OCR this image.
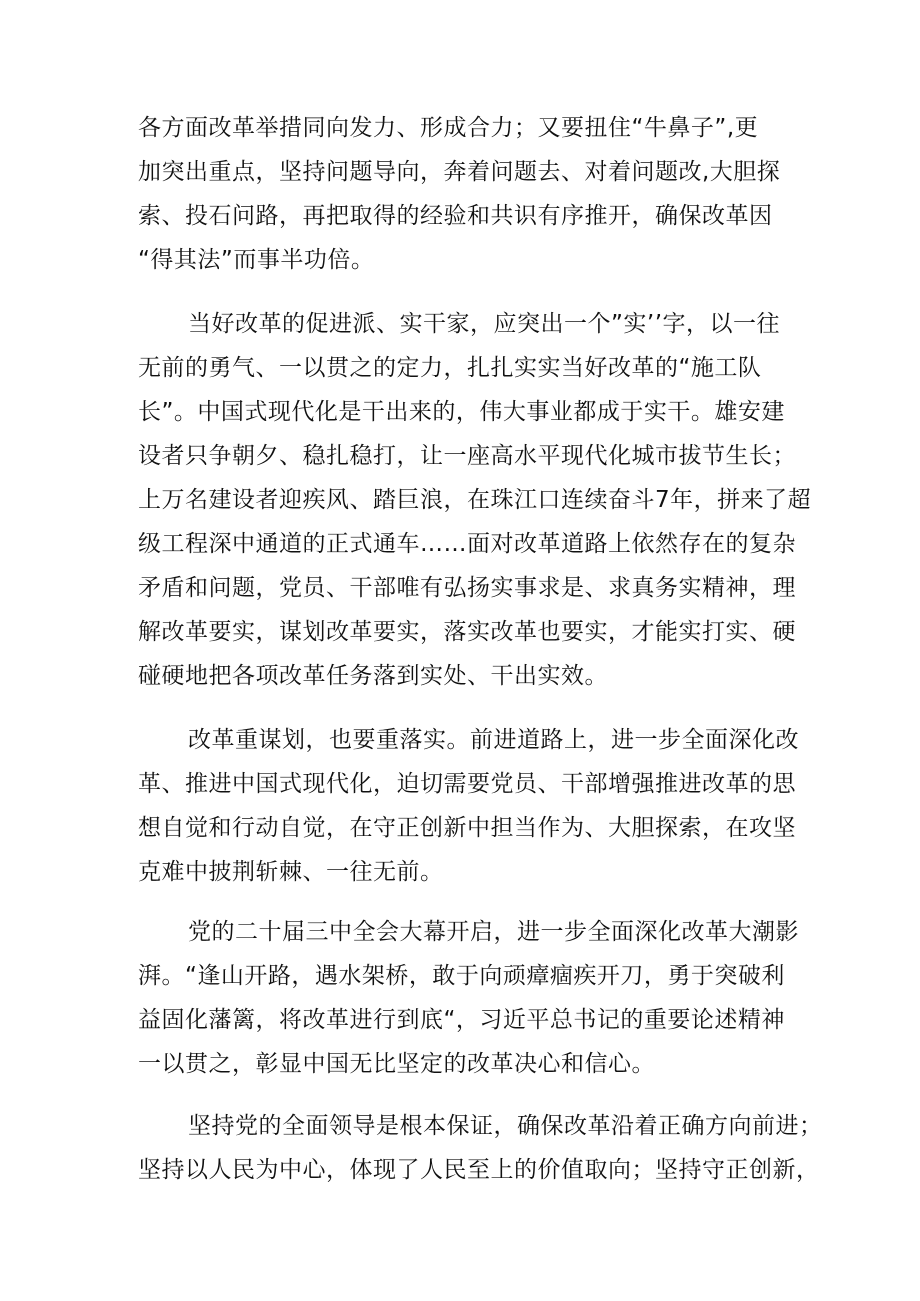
各方面改革举措同向发力、形成合力；又要扭住“牛鼻子”,更
加突出重点，坚持问题导向，奔着问题去、对着问题改,大胆探
索、投石问路，再把取得的经验和共识有序推开，确保改革因
“得其法”而事半功倍。
当好改革的促进派、实干家，应突出一个”实’’字，以一往
无前的勇气、一以贯之的定力，扎扎实实当好改革的“施工队
长”。中国式现代化是干出来的，伟大事业都成于实干。雄安建
设者只争朝夕、稳扎稳打，让一座高水平现代化城市拔节生长；
上万名建设者迎疾风、踏巨浪，在珠江口连续奋斗7年，拼来了超
级工程深中通道的正式通车……面对改革道路上依然存在的复杂
矛盾和问题，党员、干部唯有弘扬实事求是、求真务实精神，理
解改革要实，谋划改革要实，落实改革也要实，才能实打实、硬
碰硬地把各项改革任务落到实处、干出实效。
改革重谋划，也要重落实。前进道路上，进一步全面深化改
革、推进中国式现代化，迫切需要党员、干部增强推进改革的思
想自觉和行动自觉，在守正创新中担当作为、大胆探索，在攻坚
克难中披荆斩棘、一往无前。
党的二十届三中全会大幕开启，进一步全面深化改革大潮影
湃。“逢山开路，遇水架桥，敢于向顽瘴痼疾开刀，勇于突破利
益固化藩篱，将改革进行到底“，习近平总书记的重要论述精神
一以贯之，彰显中国无比坚定的改革决心和信心。
坚持党的全面领导是根本保证，确保改革沿着正确方向前进；
坚持以人民为中心，体现了人民至上的价值取向；坚持守正创新，
